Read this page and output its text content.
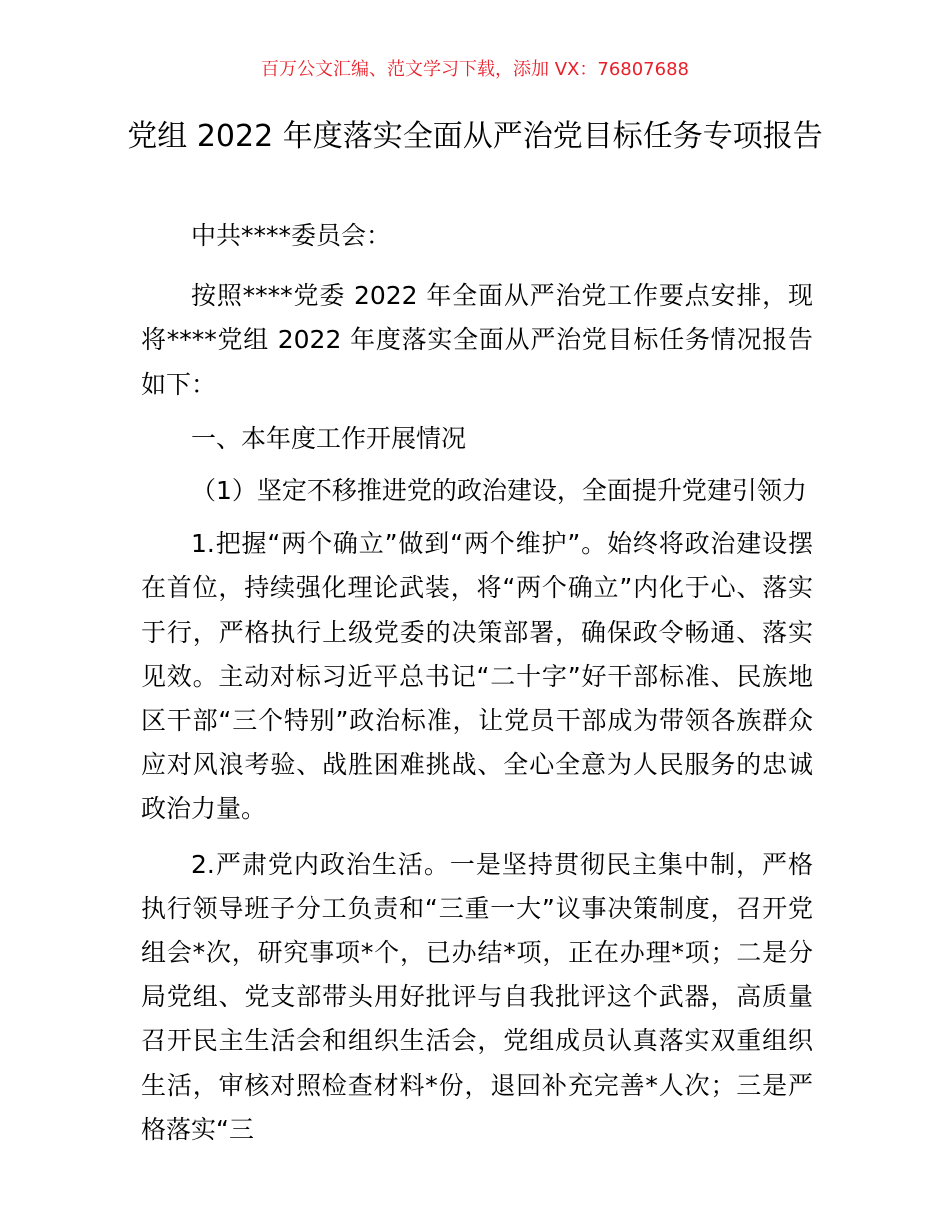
百万公文汇编、范文学习下载，添加 VX：76807688
党组 2022 年度落实全面从严治党目标任务专项报告

中共****委员会：

按照****党委 2022 年全面从严治党工作要点安排，现将****党组 2022 年度落实全面从严治党目标任务情况报告如下：

一、本年度工作开展情况

（1）坚定不移推进党的政治建设，全面提升党建引领力

1.把握“两个确立”做到“两个维护”。始终将政治建设摆在首位，持续强化理论武装，将“两个确立”内化于心、落实于行，严格执行上级党委的决策部署，确保政令畅通、落实见效。主动对标习近平总书记“二十字”好干部标准、民族地区干部“三个特别”政治标准，让党员干部成为带领各族群众应对风浪考验、战胜困难挑战、全心全意为人民服务的忠诚政治力量。

2.严肃党内政治生活。一是坚持贯彻民主集中制，严格执行领导班子分工负责和“三重一大”议事决策制度，召开党组会*次，研究事项*个，已办结*项，正在办理*项；二是分局党组、党支部带头用好批评与自我批评这个武器，高质量召开民主生活会和组织生活会，党组成员认真落实双重组织生活，审核对照检查材料*份，退回补充完善*人次；三是严格落实“三
